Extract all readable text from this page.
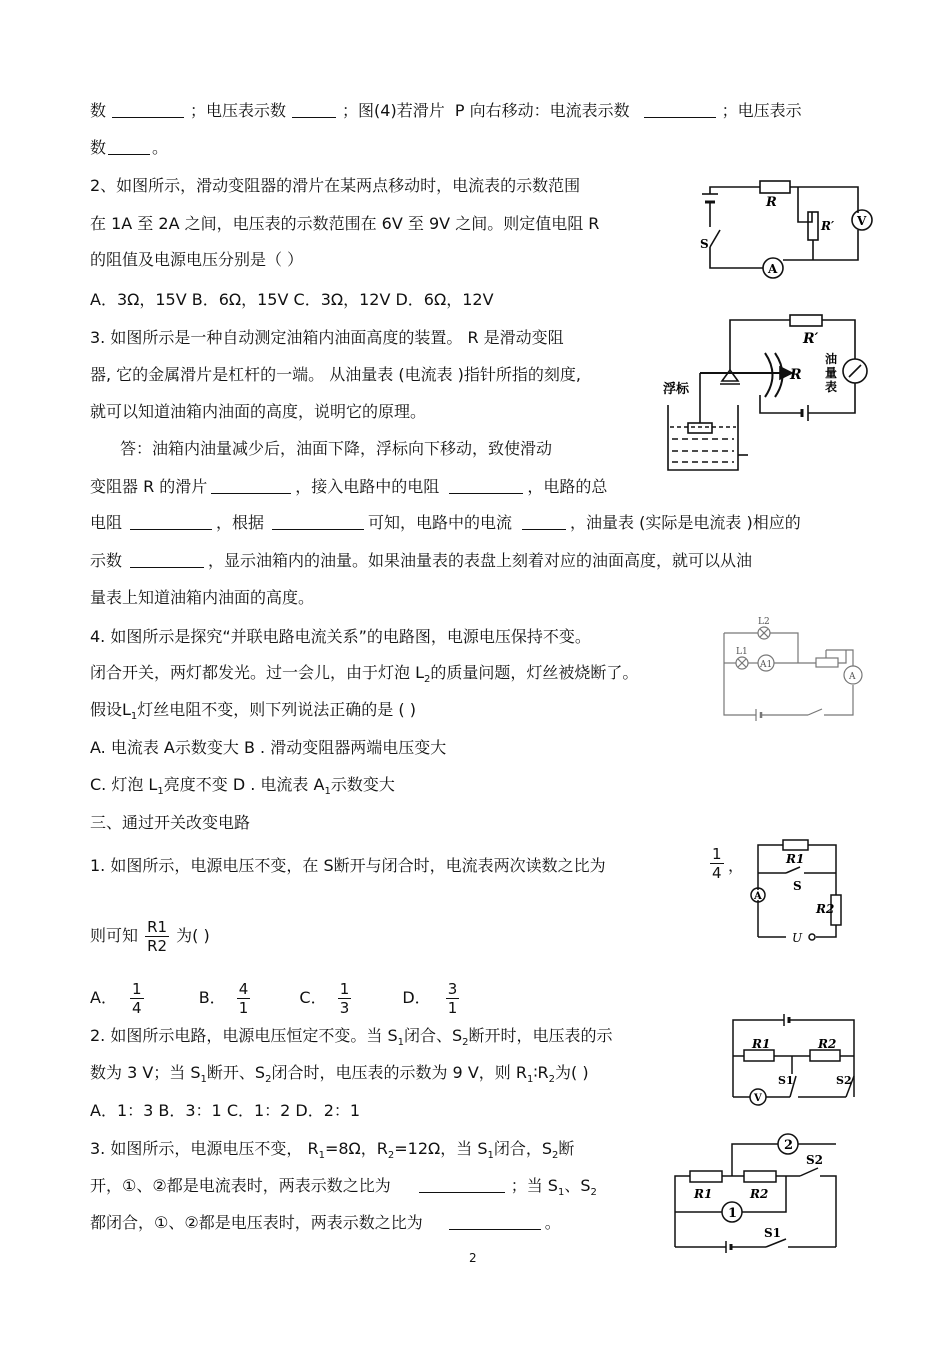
数	；电压表示数	；图(4)若滑片 P 向右移动：电流表示数	；电压表示
数	。
2、如图所示，滑动变阻器的滑片在某两点移动时，电流表的示数范围
在 1A 至 2A 之间，电压表的示数范围在 6V 至 9V 之间。则定值电阻 R
的阻值及电源电压分别是（ ）
A．3Ω，15V B．6Ω，15V C．3Ω，12V D．6Ω，12V
R
R′ V
A
S
3. 如图所示是一种自动测定油箱内油面高度的装置。 R 是滑动变阻
器, 它的金属滑片是杠杆的一端。 从油量表 (电流表 )指针所指的刻度,
就可以知道油箱内油面的高度，说明它的原理。
答：油箱内油量减少后，油面下降，浮标向下移动，致使滑动
变阻器 R 的滑片	，接入电路中的电阻	，电路的总
电阻	，根据	可知，电路中的电流	，油量表 (实际是电流表 )相应的
示数	，显示油箱内的油量。如果油量表的表盘上刻着对应的油面高度，就可以从油
量表上知道油箱内油面的高度。
R′
R
浮标
油
量
表
4. 如图所示是探究“并联电路电流关系”的电路图，电源电压保持不变。
闭合开关，两灯都发光。过一会儿，由于灯泡 $L_2$的质量问题，灯丝被烧断了。
假设$L_1$灯丝电阻不变，则下列说法正确的是 ( )
A. 电流表 A示数变大 B . 滑动变阻器两端电压变大
C. 灯泡 $L_1$亮度不变 D . 电流表 $A_1$示数变大
L2
L1
A1
A
三、通过开关改变电路
1. 如图所示，电源电压不变，在 S断开与闭合时，电流表两次读数之比为	$\frac{1}{4}$ ，
则可知 $\frac{R1}{R2}$ 为( )
A． $\frac{1}{4}$	B． $\frac{4}{1}$	C． $\frac{1}{3}$	D． $\frac{3}{1}$
R1
S
A
R2
U
2. 如图所示电路，电源电压恒定不变。当 $S_1$闭合、$S_2$断开时，电压表的示
数为 3 V；当 $S_1$断开、$S_2$闭合时，电压表的示数为 9 V，则 $R_1∶R_2$为( )
A．1：3 B．3：1 C．1：2 D．2：1
R1	R2
S1	S2
V
3. 如图所示，电源电压不变， $R_1=8\Omega$，$R_2=12\Omega$，当 $S_1$闭合，$S_2$断
开，①、②都是电流表时，两表示数之比为	；当 $S_1$、$S_2$
都闭合，①、②都是电压表时，两表示数之比为	。
2
1
R1	R2
S2
S1
2
